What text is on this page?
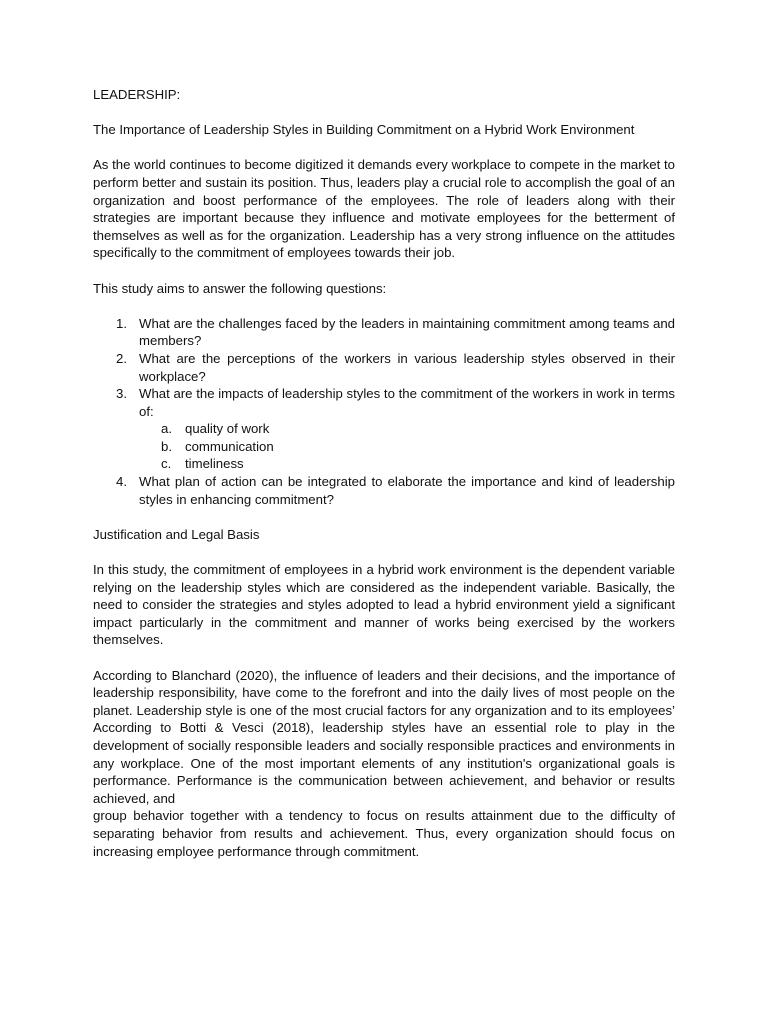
LEADERSHIP:

The Importance of Leadership Styles in Building Commitment on a Hybrid Work Environment

As the world continues to become digitized it demands every workplace to compete in the market to perform better and sustain its position. Thus, leaders play a crucial role to accomplish the goal of an organization and boost performance of the employees. The role of leaders along with their strategies are important because they influence and motivate employees for the betterment of themselves as well as for the organization. Leadership has a very strong influence on the attitudes specifically to the commitment of employees towards their job.

This study aims to answer the following questions:

1. What are the challenges faced by the leaders in maintaining commitment among teams and members?
2. What are the perceptions of the workers in various leadership styles observed in their workplace?
3. What are the impacts of leadership styles to the commitment of the workers in work in terms of:
a. quality of work
b. communication
c. timeliness
4. What plan of action can be integrated to elaborate the importance and kind of leadership styles in enhancing commitment?

Justification and Legal Basis

In this study, the commitment of employees in a hybrid work environment is the dependent variable relying on the leadership styles which are considered as the independent variable. Basically, the need to consider the strategies and styles adopted to lead a hybrid environment yield a significant impact particularly in the commitment and manner of works being exercised by the workers themselves.

According to Blanchard (2020), the influence of leaders and their decisions, and the importance of leadership responsibility, have come to the forefront and into the daily lives of most people on the planet. Leadership style is one of the most crucial factors for any organization and to its employees’ According to Botti & Vesci (2018), leadership styles have an essential role to play in the development of socially responsible leaders and socially responsible practices and environments in any workplace. One of the most important elements of any institution's organizational goals is performance. Performance is the communication between achievement, and behavior or results achieved, and

group behavior together with a tendency to focus on results attainment due to the difficulty of separating behavior from results and achievement. Thus, every organization should focus on increasing employee performance through commitment.
